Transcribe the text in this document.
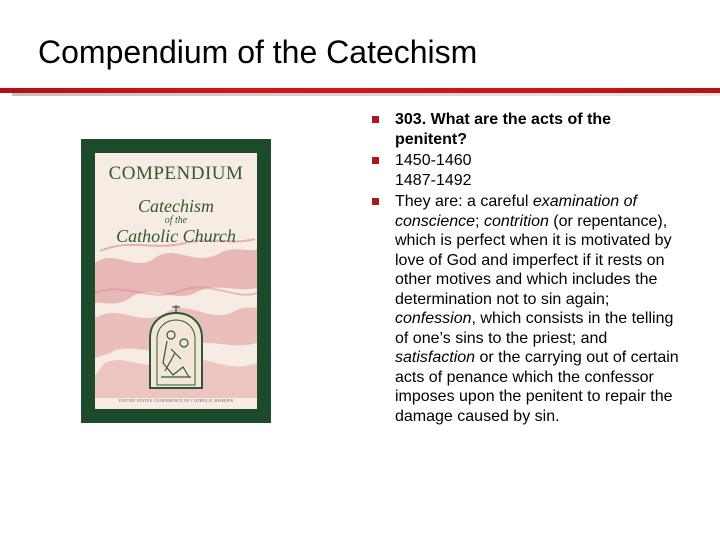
Compendium of the Catechism
COMPENDIUM
Catechism
of the
Catholic Church
UNITED STATES CONFERENCE OF CATHOLIC BISHOPS
303. What are the acts of the penitent?
1450-1460
1487-1492
They are: a careful examination of conscience; contrition (or repentance), which is perfect when it is motivated by love of God and imperfect if it rests on other motives and which includes the determination not to sin again; confession, which consists in the telling of one’s sins to the priest; and satisfaction or the carrying out of certain acts of penance which the confessor imposes upon the penitent to repair the damage caused by sin.
